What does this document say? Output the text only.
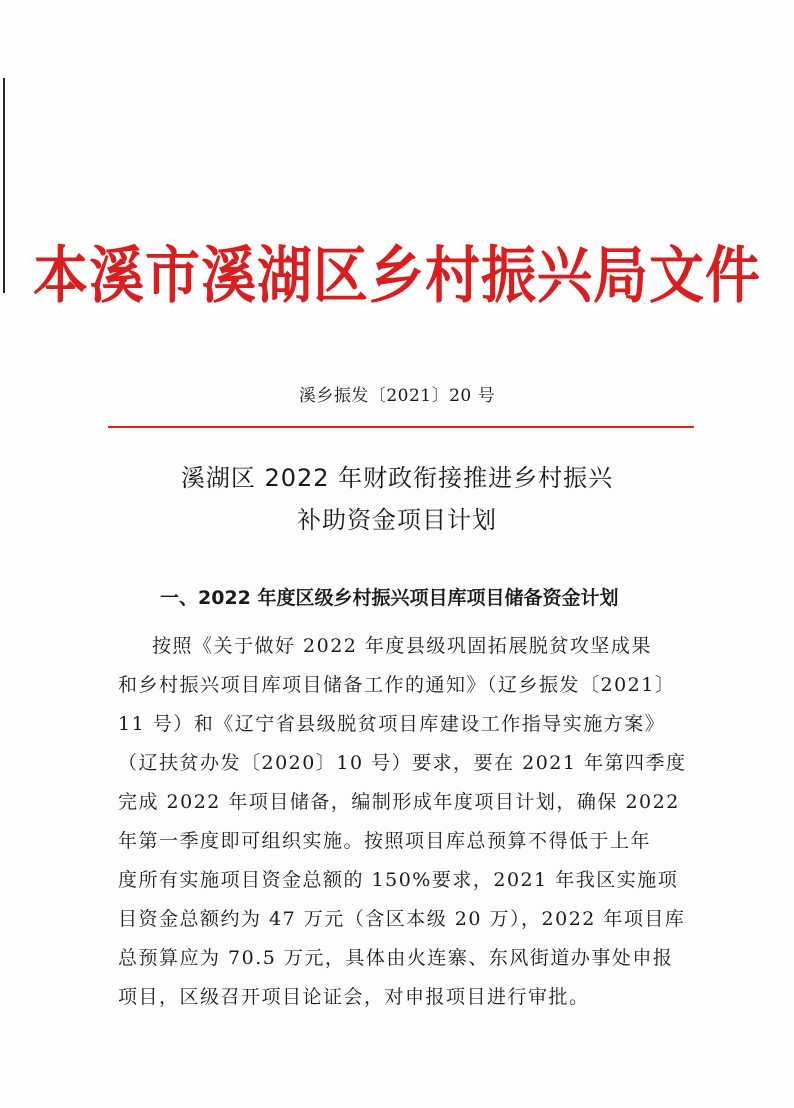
本溪市溪湖区乡村振兴局文件
溪乡振发〔2021〕20 号
溪湖区 2022 年财政衔接推进乡村振兴
补助资金项目计划
一、2022 年度区级乡村振兴项目库项目储备资金计划
按照《关于做好 2022 年度县级巩固拓展脱贫攻坚成果
和乡村振兴项目库项目储备工作的通知》（辽乡振发〔2021〕
11 号）和《辽宁省县级脱贫项目库建设工作指导实施方案》
（辽扶贫办发〔2020〕10 号）要求，要在 2021 年第四季度
完成 2022 年项目储备，编制形成年度项目计划，确保 2022
年第一季度即可组织实施。按照项目库总预算不得低于上年
度所有实施项目资金总额的 150%要求，2021 年我区实施项
目资金总额约为 47 万元（含区本级 20 万），2022 年项目库
总预算应为 70.5 万元，具体由火连寨、东风街道办事处申报
项目，区级召开项目论证会，对申报项目进行审批。
